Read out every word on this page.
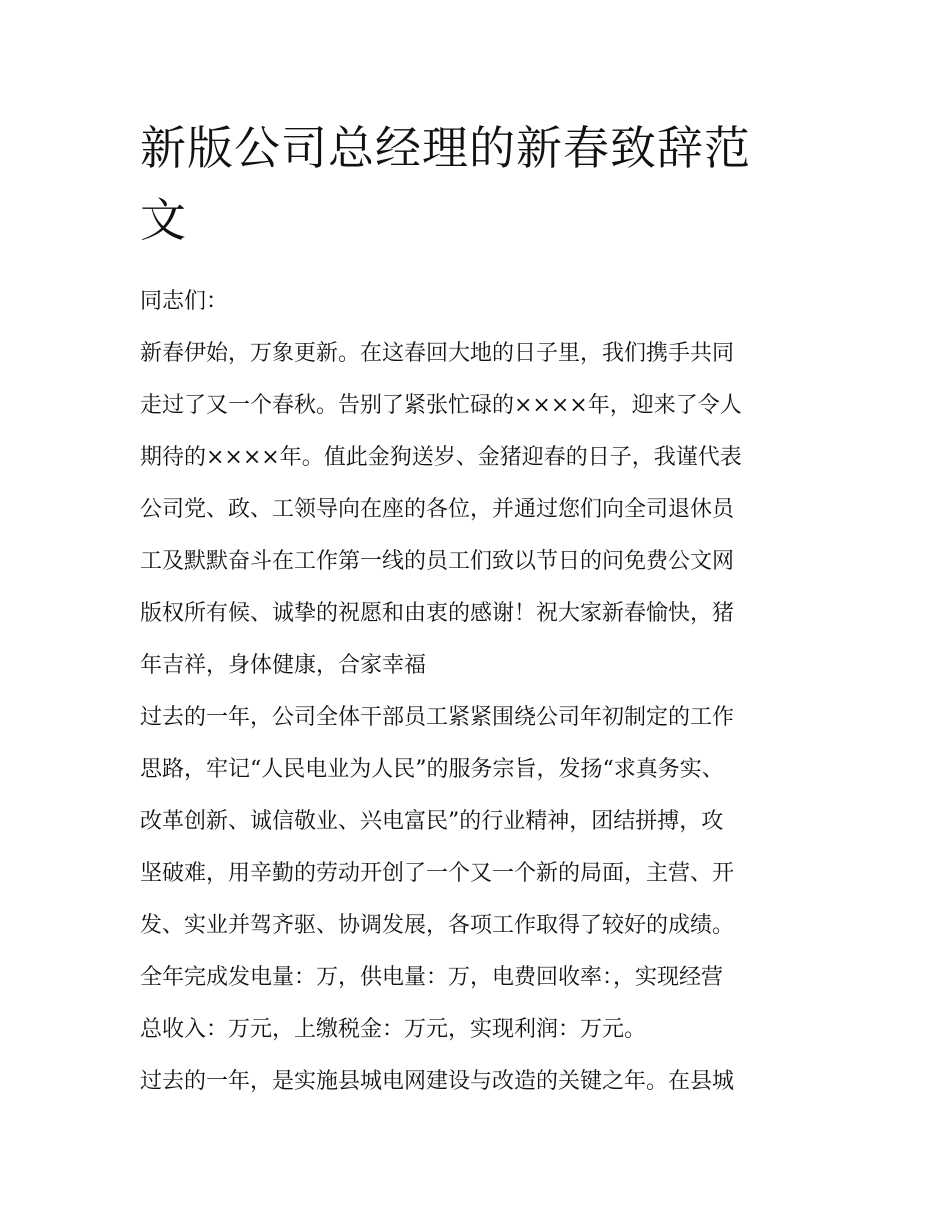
新版公司总经理的新春致辞范
文

同志们：

新春伊始，万象更新。在这春回大地的日子里，我们携手共同
走过了又一个春秋。告别了紧张忙碌的××××年，迎来了令人
期待的××××年。值此金狗送岁、金猪迎春的日子，我谨代表
公司党、政、工领导向在座的各位，并通过您们向全司退休员
工及默默奋斗在工作第一线的员工们致以节日的问免费公文网
版权所有候、诚挚的祝愿和由衷的感谢！祝大家新春愉快，猪
年吉祥，身体健康，合家幸福

过去的一年，公司全体干部员工紧紧围绕公司年初制定的工作
思路，牢记“人民电业为人民”的服务宗旨，发扬“求真务实、
改革创新、诚信敬业、兴电富民”的行业精神，团结拼搏，攻
坚破难，用辛勤的劳动开创了一个又一个新的局面，主营、开
发、实业并驾齐驱、协调发展，各项工作取得了较好的成绩。
全年完成发电量：万，供电量：万，电费回收率：，实现经营
总收入：万元，上缴税金：万元，实现利润：万元。

过去的一年，是实施县城电网建设与改造的关键之年。在县城
